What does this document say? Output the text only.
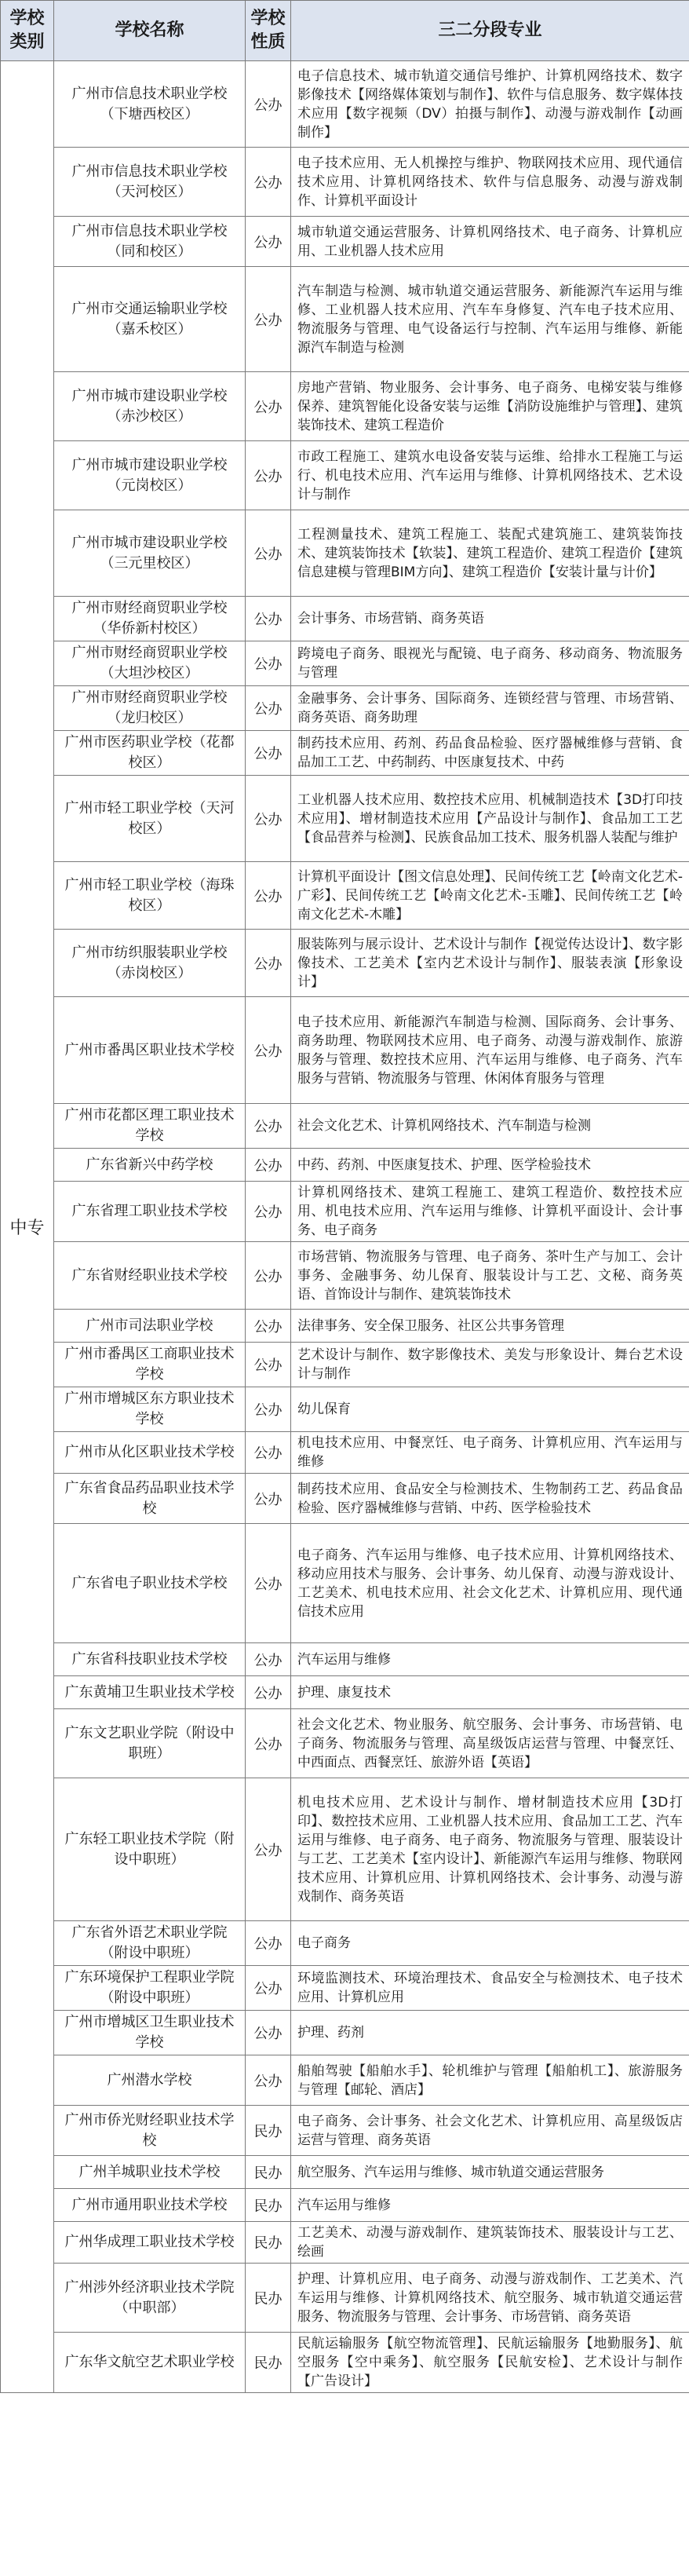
学校类别	学校名称	学校性质	三二分段专业
中专	广州市信息技术职业学校（下塘西校区）	公办	电子信息技术、城市轨道交通信号维护、计算机网络技术、数字影像技术【网络媒体策划与制作】、软件与信息服务、数字媒体技术应用【数字视频（DV）拍摄与制作】、动漫与游戏制作【动画制作】
	广州市信息技术职业学校（天河校区）	公办	电子技术应用、无人机操控与维护、物联网技术应用、现代通信技术应用、计算机网络技术、软件与信息服务、动漫与游戏制作、计算机平面设计
	广州市信息技术职业学校（同和校区）	公办	城市轨道交通运营服务、计算机网络技术、电子商务、计算机应用、工业机器人技术应用
	广州市交通运输职业学校（嘉禾校区）	公办	汽车制造与检测、城市轨道交通运营服务、新能源汽车运用与维修、工业机器人技术应用、汽车车身修复、汽车电子技术应用、物流服务与管理、电气设备运行与控制、汽车运用与维修、新能源汽车制造与检测
	广州市城市建设职业学校（赤沙校区）	公办	房地产营销、物业服务、会计事务、电子商务、电梯安装与维修保养、建筑智能化设备安装与运维【消防设施维护与管理】、建筑装饰技术、建筑工程造价
	广州市城市建设职业学校（元岗校区）	公办	市政工程施工、建筑水电设备安装与运维、给排水工程施工与运行、机电技术应用、汽车运用与维修、计算机网络技术、艺术设计与制作
	广州市城市建设职业学校（三元里校区）	公办	工程测量技术、建筑工程施工、装配式建筑施工、建筑装饰技术、建筑装饰技术【软装】、建筑工程造价、建筑工程造价【建筑信息建模与管理BIM方向】、建筑工程造价【安装计量与计价】
	广州市财经商贸职业学校（华侨新村校区）	公办	会计事务、市场营销、商务英语
	广州市财经商贸职业学校（大坦沙校区）	公办	跨境电子商务、眼视光与配镜、电子商务、移动商务、物流服务与管理
	广州市财经商贸职业学校（龙归校区）	公办	金融事务、会计事务、国际商务、连锁经营与管理、市场营销、商务英语、商务助理
	广州市医药职业学校（花都校区）	公办	制药技术应用、药剂、药品食品检验、医疗器械维修与营销、食品加工工艺、中药制药、中医康复技术、中药
	广州市轻工职业学校（天河校区）	公办	工业机器人技术应用、数控技术应用、机械制造技术【3D打印技术应用】、增材制造技术应用【产品设计与制作】、食品加工工艺【食品营养与检测】、民族食品加工技术、服务机器人装配与维护
	广州市轻工职业学校（海珠校区）	公办	计算机平面设计【图文信息处理】、民间传统工艺【岭南文化艺术-广彩】、民间传统工艺【岭南文化艺术-玉雕】、民间传统工艺【岭南文化艺术-木雕】
	广州市纺织服装职业学校（赤岗校区）	公办	服装陈列与展示设计、艺术设计与制作【视觉传达设计】、数字影像技术、工艺美术【室内艺术设计与制作】、服装表演【形象设计】
	广州市番禺区职业技术学校	公办	电子技术应用、新能源汽车制造与检测、国际商务、会计事务、商务助理、物联网技术应用、电子商务、动漫与游戏制作、旅游服务与管理、数控技术应用、汽车运用与维修、电子商务、汽车服务与营销、物流服务与管理、休闲体育服务与管理
	广州市花都区理工职业技术学校	公办	社会文化艺术、计算机网络技术、汽车制造与检测
	广东省新兴中药学校	公办	中药、药剂、中医康复技术、护理、医学检验技术
	广东省理工职业技术学校	公办	计算机网络技术、建筑工程施工、建筑工程造价、数控技术应用、机电技术应用、汽车运用与维修、计算机平面设计、会计事务、电子商务
	广东省财经职业技术学校	公办	市场营销、物流服务与管理、电子商务、茶叶生产与加工、会计事务、金融事务、幼儿保育、服装设计与工艺、文秘、商务英语、首饰设计与制作、建筑装饰技术
	广州市司法职业学校	公办	法律事务、安全保卫服务、社区公共事务管理
	广州市番禺区工商职业技术学校	公办	艺术设计与制作、数字影像技术、美发与形象设计、舞台艺术设计与制作
	广州市增城区东方职业技术学校	公办	幼儿保育
	广州市从化区职业技术学校	公办	机电技术应用、中餐烹饪、电子商务、计算机应用、汽车运用与维修
	广东省食品药品职业技术学校	公办	制药技术应用、食品安全与检测技术、生物制药工艺、药品食品检验、医疗器械维修与营销、中药、医学检验技术
	广东省电子职业技术学校	公办	电子商务、汽车运用与维修、电子技术应用、计算机网络技术、移动应用技术与服务、会计事务、幼儿保育、动漫与游戏设计、工艺美术、机电技术应用、社会文化艺术、计算机应用、现代通信技术应用
	广东省科技职业技术学校	公办	汽车运用与维修
	广东黄埔卫生职业技术学校	公办	护理、康复技术
	广东文艺职业学院（附设中职班）	公办	社会文化艺术、物业服务、航空服务、会计事务、市场营销、电子商务、物流服务与管理、高星级饭店运营与管理、中餐烹饪、中西面点、西餐烹饪、旅游外语【英语】
	广东轻工职业技术学院（附设中职班）	公办	机电技术应用、艺术设计与制作、增材制造技术应用【3D打印】、数控技术应用、工业机器人技术应用、食品加工工艺、汽车运用与维修、电子商务、电子商务、物流服务与管理、服装设计与工艺、工艺美术【室内设计】、新能源汽车运用与维修、物联网技术应用、计算机应用、计算机网络技术、会计事务、动漫与游戏制作、商务英语
	广东省外语艺术职业学院（附设中职班）	公办	电子商务
	广东环境保护工程职业学院（附设中职班）	公办	环境监测技术、环境治理技术、食品安全与检测技术、电子技术应用、计算机应用
	广州市增城区卫生职业技术学校	公办	护理、药剂
	广州潜水学校	公办	船舶驾驶【船舶水手】、轮机维护与管理【船舶机工】、旅游服务与管理【邮轮、酒店】
	广州市侨光财经职业技术学校	民办	电子商务、会计事务、社会文化艺术、计算机应用、高星级饭店运营与管理、商务英语
	广州羊城职业技术学校	民办	航空服务、汽车运用与维修、城市轨道交通运营服务
	广州市通用职业技术学校	民办	汽车运用与维修
	广州华成理工职业技术学校	民办	工艺美术、动漫与游戏制作、建筑装饰技术、服装设计与工艺、绘画
	广州涉外经济职业技术学院（中职部）	民办	护理、计算机应用、电子商务、动漫与游戏制作、工艺美术、汽车运用与维修、计算机网络技术、航空服务、城市轨道交通运营服务、物流服务与管理、会计事务、市场营销、商务英语
	广东华文航空艺术职业学校	民办	民航运输服务【航空物流管理】、民航运输服务【地勤服务】、航空服务【空中乘务】、航空服务【民航安检】、艺术设计与制作【广告设计】
